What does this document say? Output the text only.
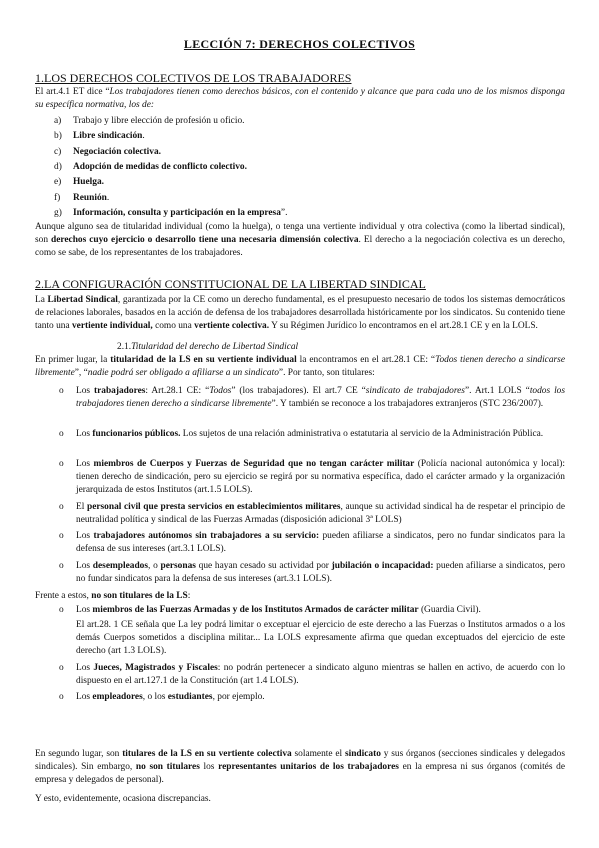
LECCIÓN 7: DERECHOS COLECTIVOS
1.LOS DERECHOS COLECTIVOS DE LOS TRABAJADORES
El art.4.1 ET dice “Los trabajadores tienen como derechos básicos, con el contenido y alcance que para cada uno de los mismos disponga su específica normativa, los de:
a) Trabajo y libre elección de profesión u oficio.
b) Libre sindicación.
c) Negociación colectiva.
d) Adopción de medidas de conflicto colectivo.
e) Huelga.
f) Reunión.
g) Información, consulta y participación en la empresa”.
Aunque alguno sea de titularidad individual (como la huelga), o tenga una vertiente individual y otra colectiva (como la libertad sindical), son derechos cuyo ejercicio o desarrollo tiene una necesaria dimensión colectiva. El derecho a la negociación colectiva es un derecho, como se sabe, de los representantes de los trabajadores.
2.LA CONFIGURACIÓN CONSTITUCIONAL DE LA LIBERTAD SINDICAL
La Libertad Sindical, garantizada por la CE como un derecho fundamental, es el presupuesto necesario de todos los sistemas democráticos de relaciones laborales, basados en la acción de defensa de los trabajadores desarrollada históricamente por los sindicatos. Su contenido tiene tanto una vertiente individual, como una vertiente colectiva. Y su Régimen Jurídico lo encontramos en el art.28.1 CE y en la LOLS.
2.1.Titularidad del derecho de Libertad Sindical
En primer lugar, la titularidad de la LS en su vertiente individual la encontramos en el art.28.1 CE: “Todos tienen derecho a sindicarse libremente”, “nadie podrá ser obligado a afiliarse a un sindicato”. Por tanto, son titulares:
o	Los trabajadores: Art.28.1 CE: “Todos” (los trabajadores). El art.7 CE “sindicato de trabajadores”. Art.1 LOLS “todos los trabajadores tienen derecho a sindicarse libremente”. Y también se reconoce a los trabajadores extranjeros (STC 236/2007).
o	Los funcionarios públicos. Los sujetos de una relación administrativa o estatutaria al servicio de la Administración Pública.
o	Los miembros de Cuerpos y Fuerzas de Seguridad que no tengan carácter militar (Policía nacional autonómica y local): tienen derecho de sindicación, pero su ejercicio se regirá por su normativa específica, dado el carácter armado y la organización jerarquizada de estos Institutos (art.1.5 LOLS).
o	El personal civil que presta servicios en establecimientos militares, aunque su actividad sindical ha de respetar el principio de neutralidad política y sindical de las Fuerzas Armadas (disposición adicional 3ª LOLS)
o	Los trabajadores autónomos sin trabajadores a su servicio: pueden afiliarse a sindicatos, pero no fundar sindicatos para la defensa de sus intereses (art.3.1 LOLS).
o	Los desempleados, o personas que hayan cesado su actividad por jubilación o incapacidad: pueden afiliarse a sindicatos, pero no fundar sindicatos para la defensa de sus intereses (art.3.1 LOLS).
Frente a estos, no son titulares de la LS:
o	Los miembros de las Fuerzas Armadas y de los Institutos Armados de carácter militar (Guardia Civil).
El art.28. 1 CE señala que La ley podrá limitar o exceptuar el ejercicio de este derecho a las Fuerzas o Institutos armados o a los demás Cuerpos sometidos a disciplina militar... La LOLS expresamente afirma que quedan exceptuados del ejercicio de este derecho (art 1.3 LOLS).
o	Los Jueces, Magistrados y Fiscales: no podrán pertenecer a sindicato alguno mientras se hallen en activo, de acuerdo con lo dispuesto en el art.127.1 de la Constitución (art 1.4 LOLS).
o	Los empleadores, o los estudiantes, por ejemplo.
En segundo lugar, son titulares de la LS en su vertiente colectiva solamente el sindicato y sus órganos (secciones sindicales y delegados sindicales). Sin embargo, no son titulares los representantes unitarios de los trabajadores en la empresa ni sus órganos (comités de empresa y delegados de personal).
Y esto, evidentemente, ocasiona discrepancias.
